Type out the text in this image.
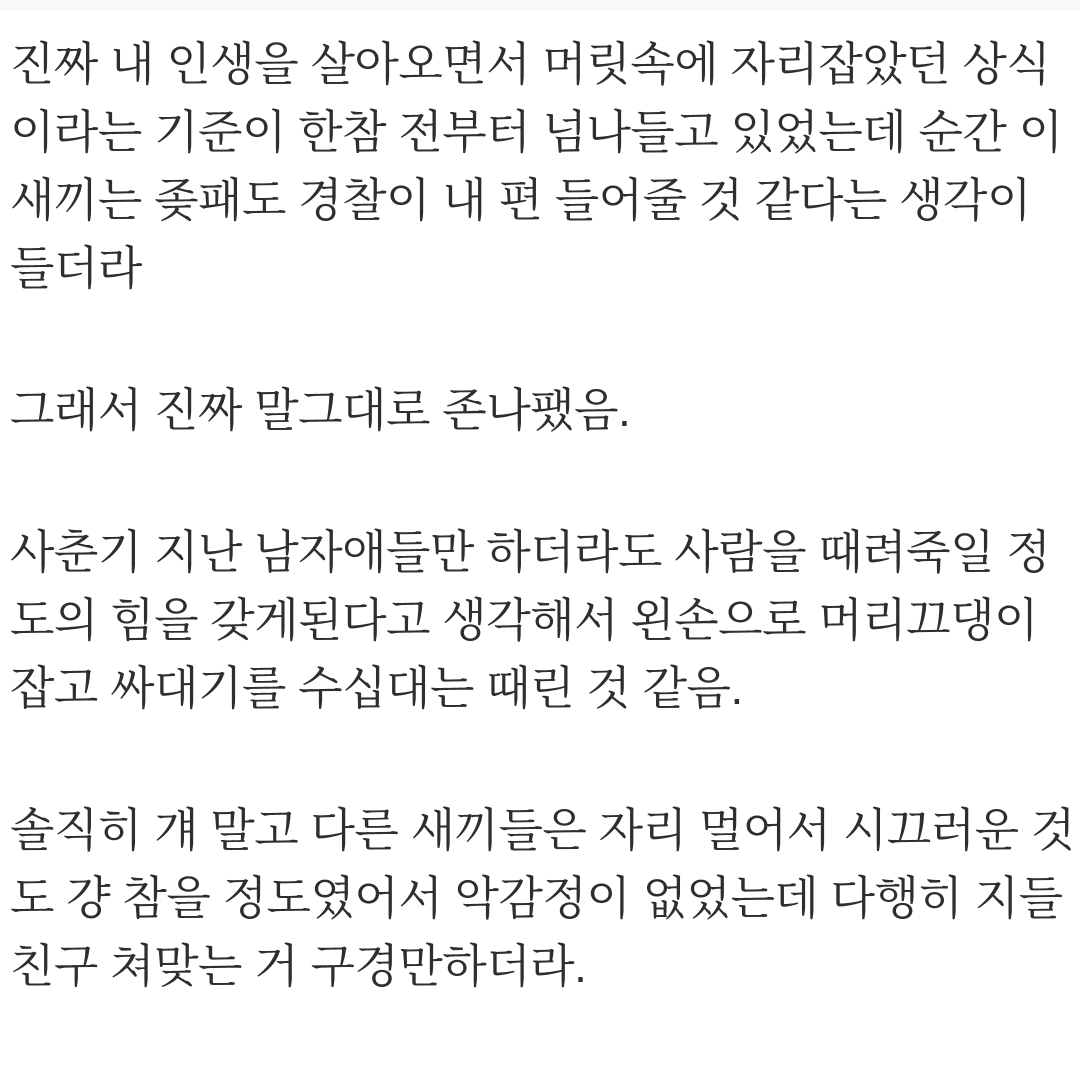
진짜 내 인생을 살아오면서 머릿속에 자리잡았던 상식
이라는 기준이 한참 전부터 넘나들고 있었는데 순간 이
새끼는 좆패도 경찰이 내 편 들어줄 것 같다는 생각이
들더라
그래서 진짜 말그대로 존나팼음.
사춘기 지난 남자애들만 하더라도 사람을 때려죽일 정
도의 힘을 갖게된다고 생각해서 왼손으로 머리끄댕이
잡고 싸대기를 수십대는 때린 것 같음.
솔직히 걔 말고 다른 새끼들은 자리 멀어서 시끄러운 것
도 걍 참을 정도였어서 악감정이 없었는데 다행히 지들
친구 쳐맞는 거 구경만하더라.
